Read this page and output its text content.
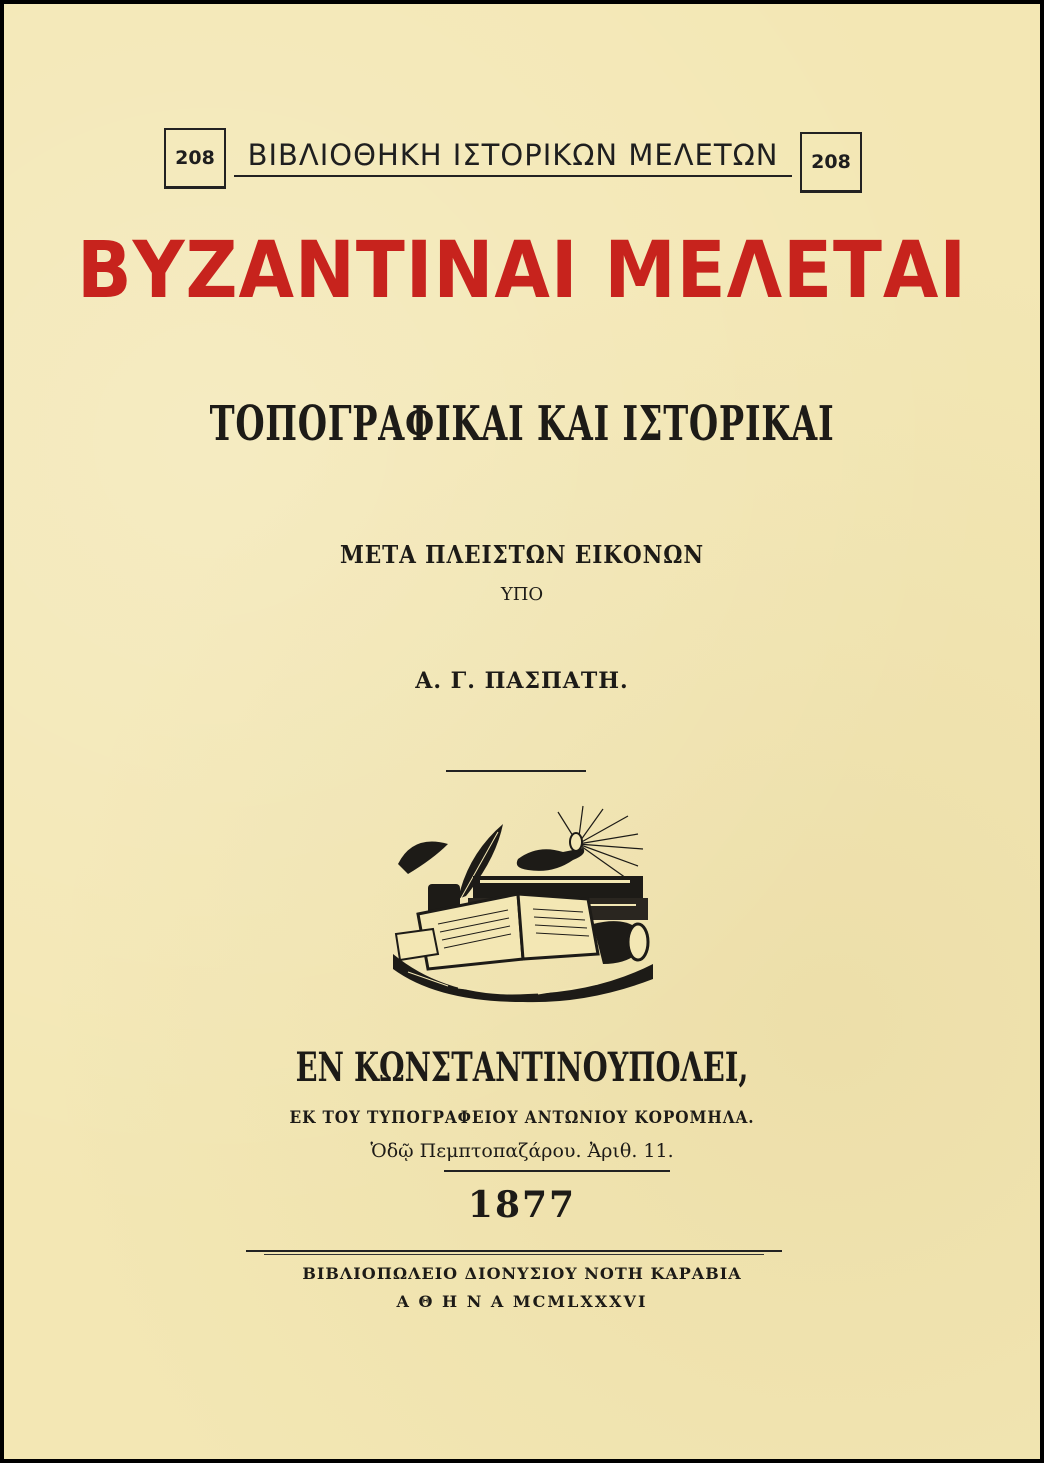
208	ΒΙΒΛΙΟΘΗΚΗ ΙΣΤΟΡΙΚΩΝ ΜΕΛΕΤΩΝ	208
ΒΥΖΑΝΤΙΝΑΙ ΜΕΛΕΤΑΙ
ΤΟΠΟΓΡΑΦΙΚΑΙ ΚΑΙ ΙΣΤΟΡΙΚΑΙ
ΜΕΤΑ ΠΛΕΙΣΤΩΝ ΕΙΚΟΝΩΝ
ΥΠΟ
Α. Γ. ΠΑΣΠΑΤΗ.
ΕΝ ΚΩΝΣΤΑΝΤΙΝΟΥΠΟΛΕΙ,
ΕΚ ΤΟΥ ΤΥΠΟΓΡΑΦΕΙΟΥ ΑΝΤΩΝΙΟΥ ΚΟΡΟΜΗΛΑ.
Ὁδῷ Πεμπτοπαζάρου. Ἀριθ. 11.
1877
ΒΙΒΛΙΟΠΩΛΕΙΟ ΔΙΟΝΥΣΙΟΥ ΝΟΤΗ ΚΑΡΑΒΙΑ
Α Θ Η Ν Α MCMLXXXVI
